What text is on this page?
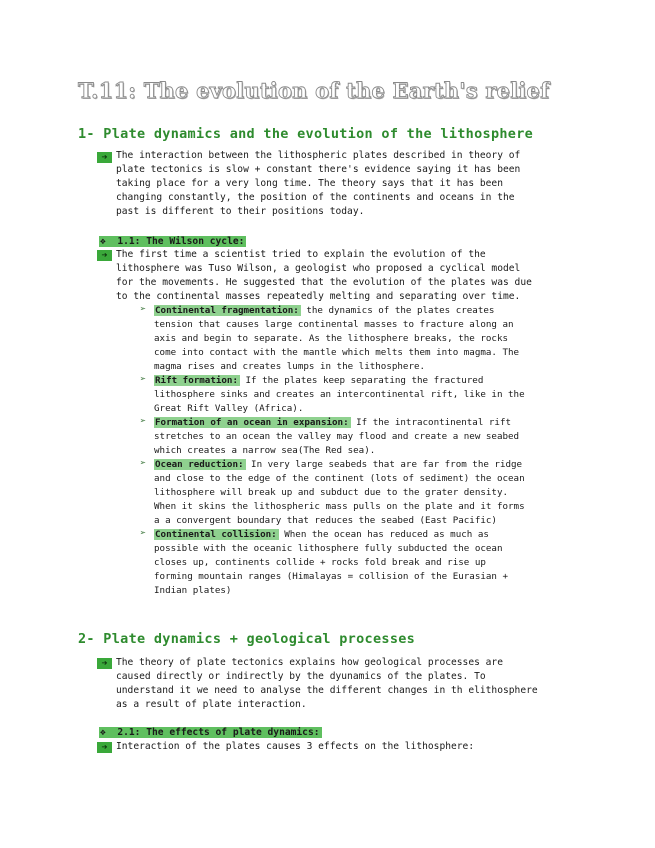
T.11: The evolution of the Earth's relief
1- Plate dynamics and the evolution of the lithosphere
➔ The interaction between the lithospheric plates described in theory of
plate tectonics is slow + constant there's evidence saying it has been
taking place for a very long time. The theory says that it has been
changing constantly, the position of the continents and oceans in the
past is different to their positions today.

❖ 1.1: The Wilson cycle:
➔ The first time a scientist tried to explain the evolution of the
lithosphere was Tuso Wilson, a geologist who proposed a cyclical model
for the movements. He suggested that the evolution of the plates was due
to the continental masses repeatedly melting and separating over time.

➢ Continental fragmentation: the dynamics of the plates creates

tension that causes large continental masses to fracture along an
axis and begin to separate. As the lithosphere breaks, the rocks
come into contact with the mantle which melts them into magma. The
magma rises and creates lumps in the lithosphere.

➢ Rift formation: If the plates keep separating the fractured

lithosphere sinks and creates an intercontinental rift, like in the
Great Rift Valley (Africa).

➢ Formation of an ocean in expansion: If the intracontinental rift

stretches to an ocean the valley may flood and create a new seabed
which creates a narrow sea(The Red sea).

➢ Ocean reduction: In very large seabeds that are far from the ridge

and close to the edge of the continent (lots of sediment) the ocean
lithosphere will break up and subduct due to the grater density.
When it skins the lithospheric mass pulls on the plate and it forms
a a convergent boundary that reduces the seabed (East Pacific)

➢ Continental collision: When the ocean has reduced as much as

possible with the oceanic lithosphere fully subducted the ocean
closes up, continents collide + rocks fold break and rise up
forming mountain ranges (Himalayas = collision of the Eurasian +
Indian plates)

2- Plate dynamics + geological processes
➔ The theory of plate tectonics explains how geological processes are
caused directly or indirectly by the dyunamics of the plates. To
understand it we need to analyse the different changes in th elithosphere
as a result of plate interaction.

❖ 2.1: The effects of plate dynamics:
➔ Interaction of the plates causes 3 effects on the lithosphere:
